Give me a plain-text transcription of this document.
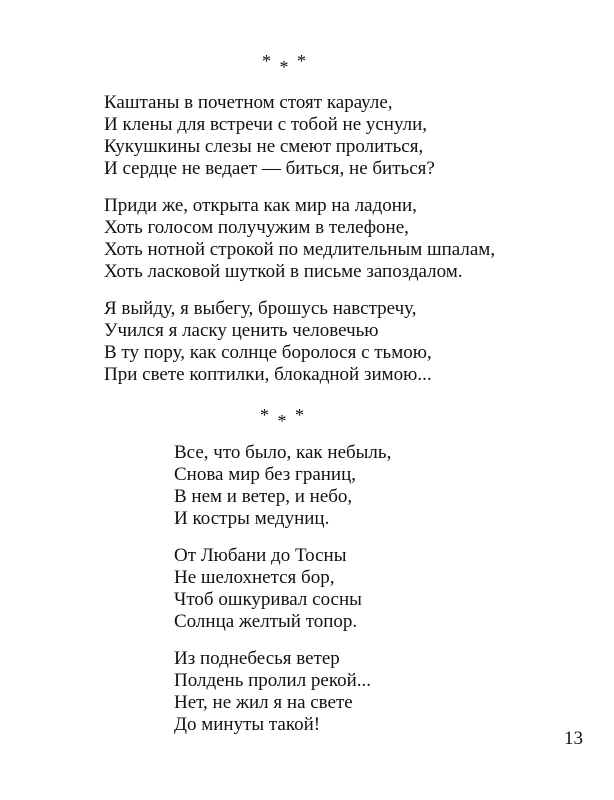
* * *
Каштаны в почетном стоят карауле,
И клены для встречи с тобой не уснули,
Кукушкины слезы не смеют пролиться,
И сердце не ведает — биться, не биться?
Приди же, открыта как мир на ладони,
Хоть голосом получужим в телефоне,
Хоть нотной строкой по медлительным шпалам,
Хоть ласковой шуткой в письме запоздалом.
Я выйду, я выбегу, брошусь навстречу,
Учился я ласку ценить человечью
В ту пору, как солнце боролося с тьмою,
При свете коптилки, блокадной зимою...
* * *
Все, что было, как небыль,
Снова мир без границ,
В нем и ветер, и небо,
И костры медуниц.
От Любани до Тосны
Не шелохнется бор,
Чтоб ошкуривал сосны
Солнца желтый топор.
Из поднебесья ветер
Полдень пролил рекой...
Нет, не жил я на свете
До минуты такой!
13
